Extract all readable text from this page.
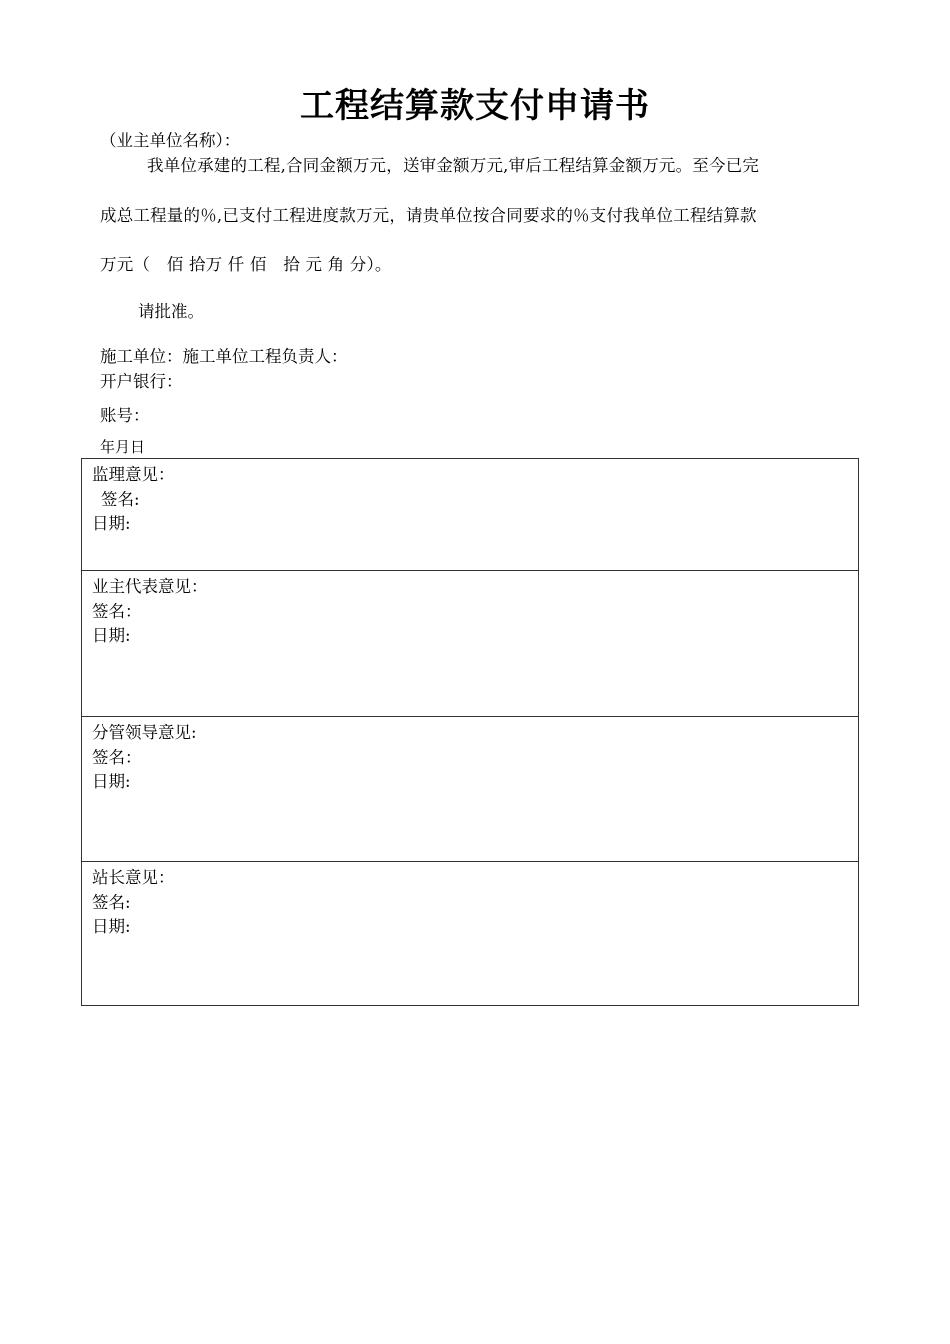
工程结算款支付申请书
（业主单位名称）：
我单位承建的工程,合同金额万元，送审金额万元,审后工程结算金额万元。至今已完
成总工程量的％,已支付工程进度款万元，请贵单位按合同要求的％支付我单位工程结算款
万元（　佰 拾万 仟 佰　拾 元 角 分）。
请批准。
施工单位：施工单位工程负责人：
开户银行：
账号：
年月日
监理意见：
签名:
日期:

业主代表意见：
签名：
日期:

分管领导意见:
签名：
日期:

站长意见：
签名:
日期:
